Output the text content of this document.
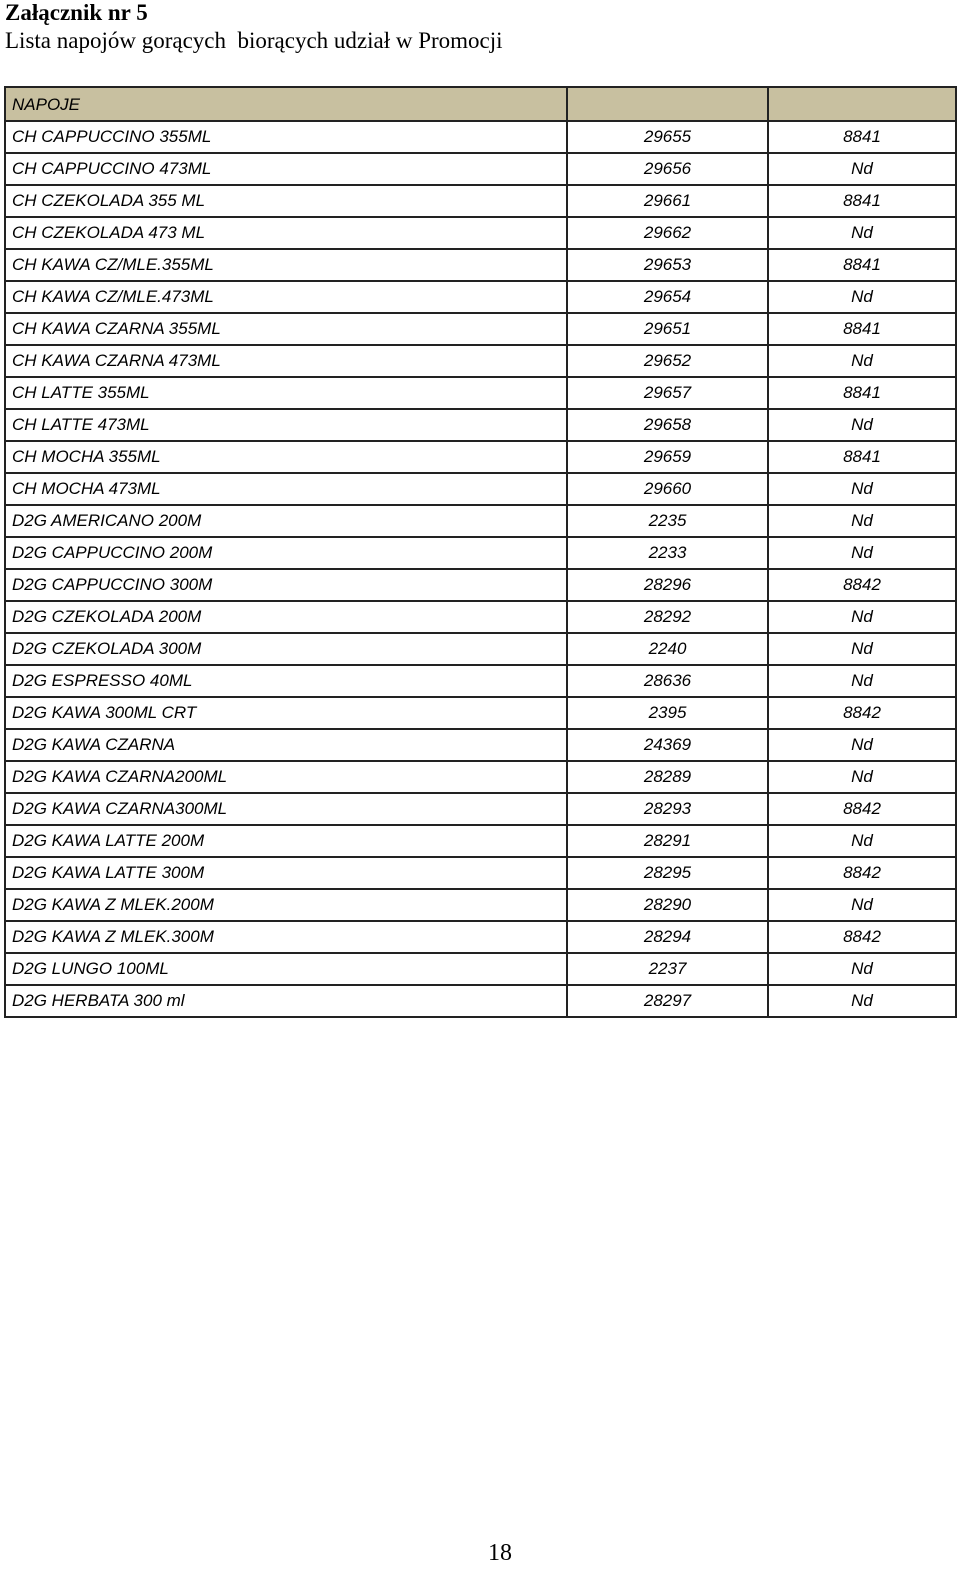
Załącznik nr 5
Lista napojów gorących  biorących udział w Promocji
NAPOJE		
CH CAPPUCCINO 355ML	29655	8841
CH CAPPUCCINO 473ML	29656	Nd
CH CZEKOLADA 355 ML	29661	8841
CH CZEKOLADA 473 ML	29662	Nd
CH KAWA CZ/MLE.355ML	29653	8841
CH KAWA CZ/MLE.473ML	29654	Nd
CH KAWA CZARNA 355ML	29651	8841
CH KAWA CZARNA 473ML	29652	Nd
CH LATTE 355ML	29657	8841
CH LATTE 473ML	29658	Nd
CH MOCHA 355ML	29659	8841
CH MOCHA 473ML	29660	Nd
D2G AMERICANO 200M	2235	Nd
D2G CAPPUCCINO 200M	2233	Nd
D2G CAPPUCCINO 300M	28296	8842
D2G CZEKOLADA 200M	28292	Nd
D2G CZEKOLADA 300M	2240	Nd
D2G ESPRESSO 40ML	28636	Nd
D2G KAWA 300ML CRT	2395	8842
D2G KAWA CZARNA	24369	Nd
D2G KAWA CZARNA200ML	28289	Nd
D2G KAWA CZARNA300ML	28293	8842
D2G KAWA LATTE 200M	28291	Nd
D2G KAWA LATTE 300M	28295	8842
D2G KAWA Z MLEK.200M	28290	Nd
D2G KAWA Z MLEK.300M	28294	8842
D2G LUNGO 100ML	2237	Nd
D2G HERBATA 300 ml	28297	Nd
18
